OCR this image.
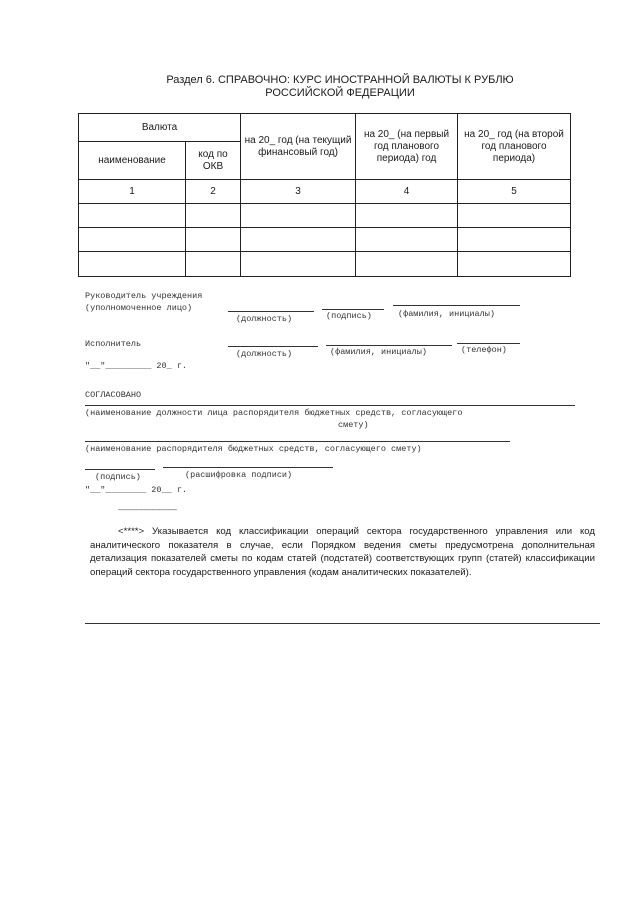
Раздел 6. СПРАВОЧНО: КУРС ИНОСТРАННОЙ ВАЛЮТЫ К РУБЛЮ
РОССИЙСКОЙ ФЕДЕРАЦИИ
Валюта		на 20_ год (на текущий финансовый год)	на 20_ (на первый год планового периода) год	на 20_ год (на второй год планового периода)
наименование	код по ОКВ			
1	2	3	4	5

Руководитель учреждения
(уполномоченное лицо)
(должность)	(подпись)	(фамилия, инициалы)
Исполнитель
(должность)	(фамилия, инициалы)	(телефон)
"__"_________ 20_ г.
СОГЛАСОВАНО
(наименование должности лица распорядителя бюджетных средств, согласующего
смету)
(наименование распорядителя бюджетных средств, согласующего смету)
(подпись)	(расшифровка подписи)
"__"________ 20__ г.
--------------------------------
<****> Указывается код классификации операций сектора государственного управления или код аналитического показателя в случае, если Порядком ведения сметы предусмотрена дополнительная детализация показателей сметы по кодам статей (подстатей) соответствующих групп (статей) классификации операций сектора государственного управления (кодам аналитических показателей).
